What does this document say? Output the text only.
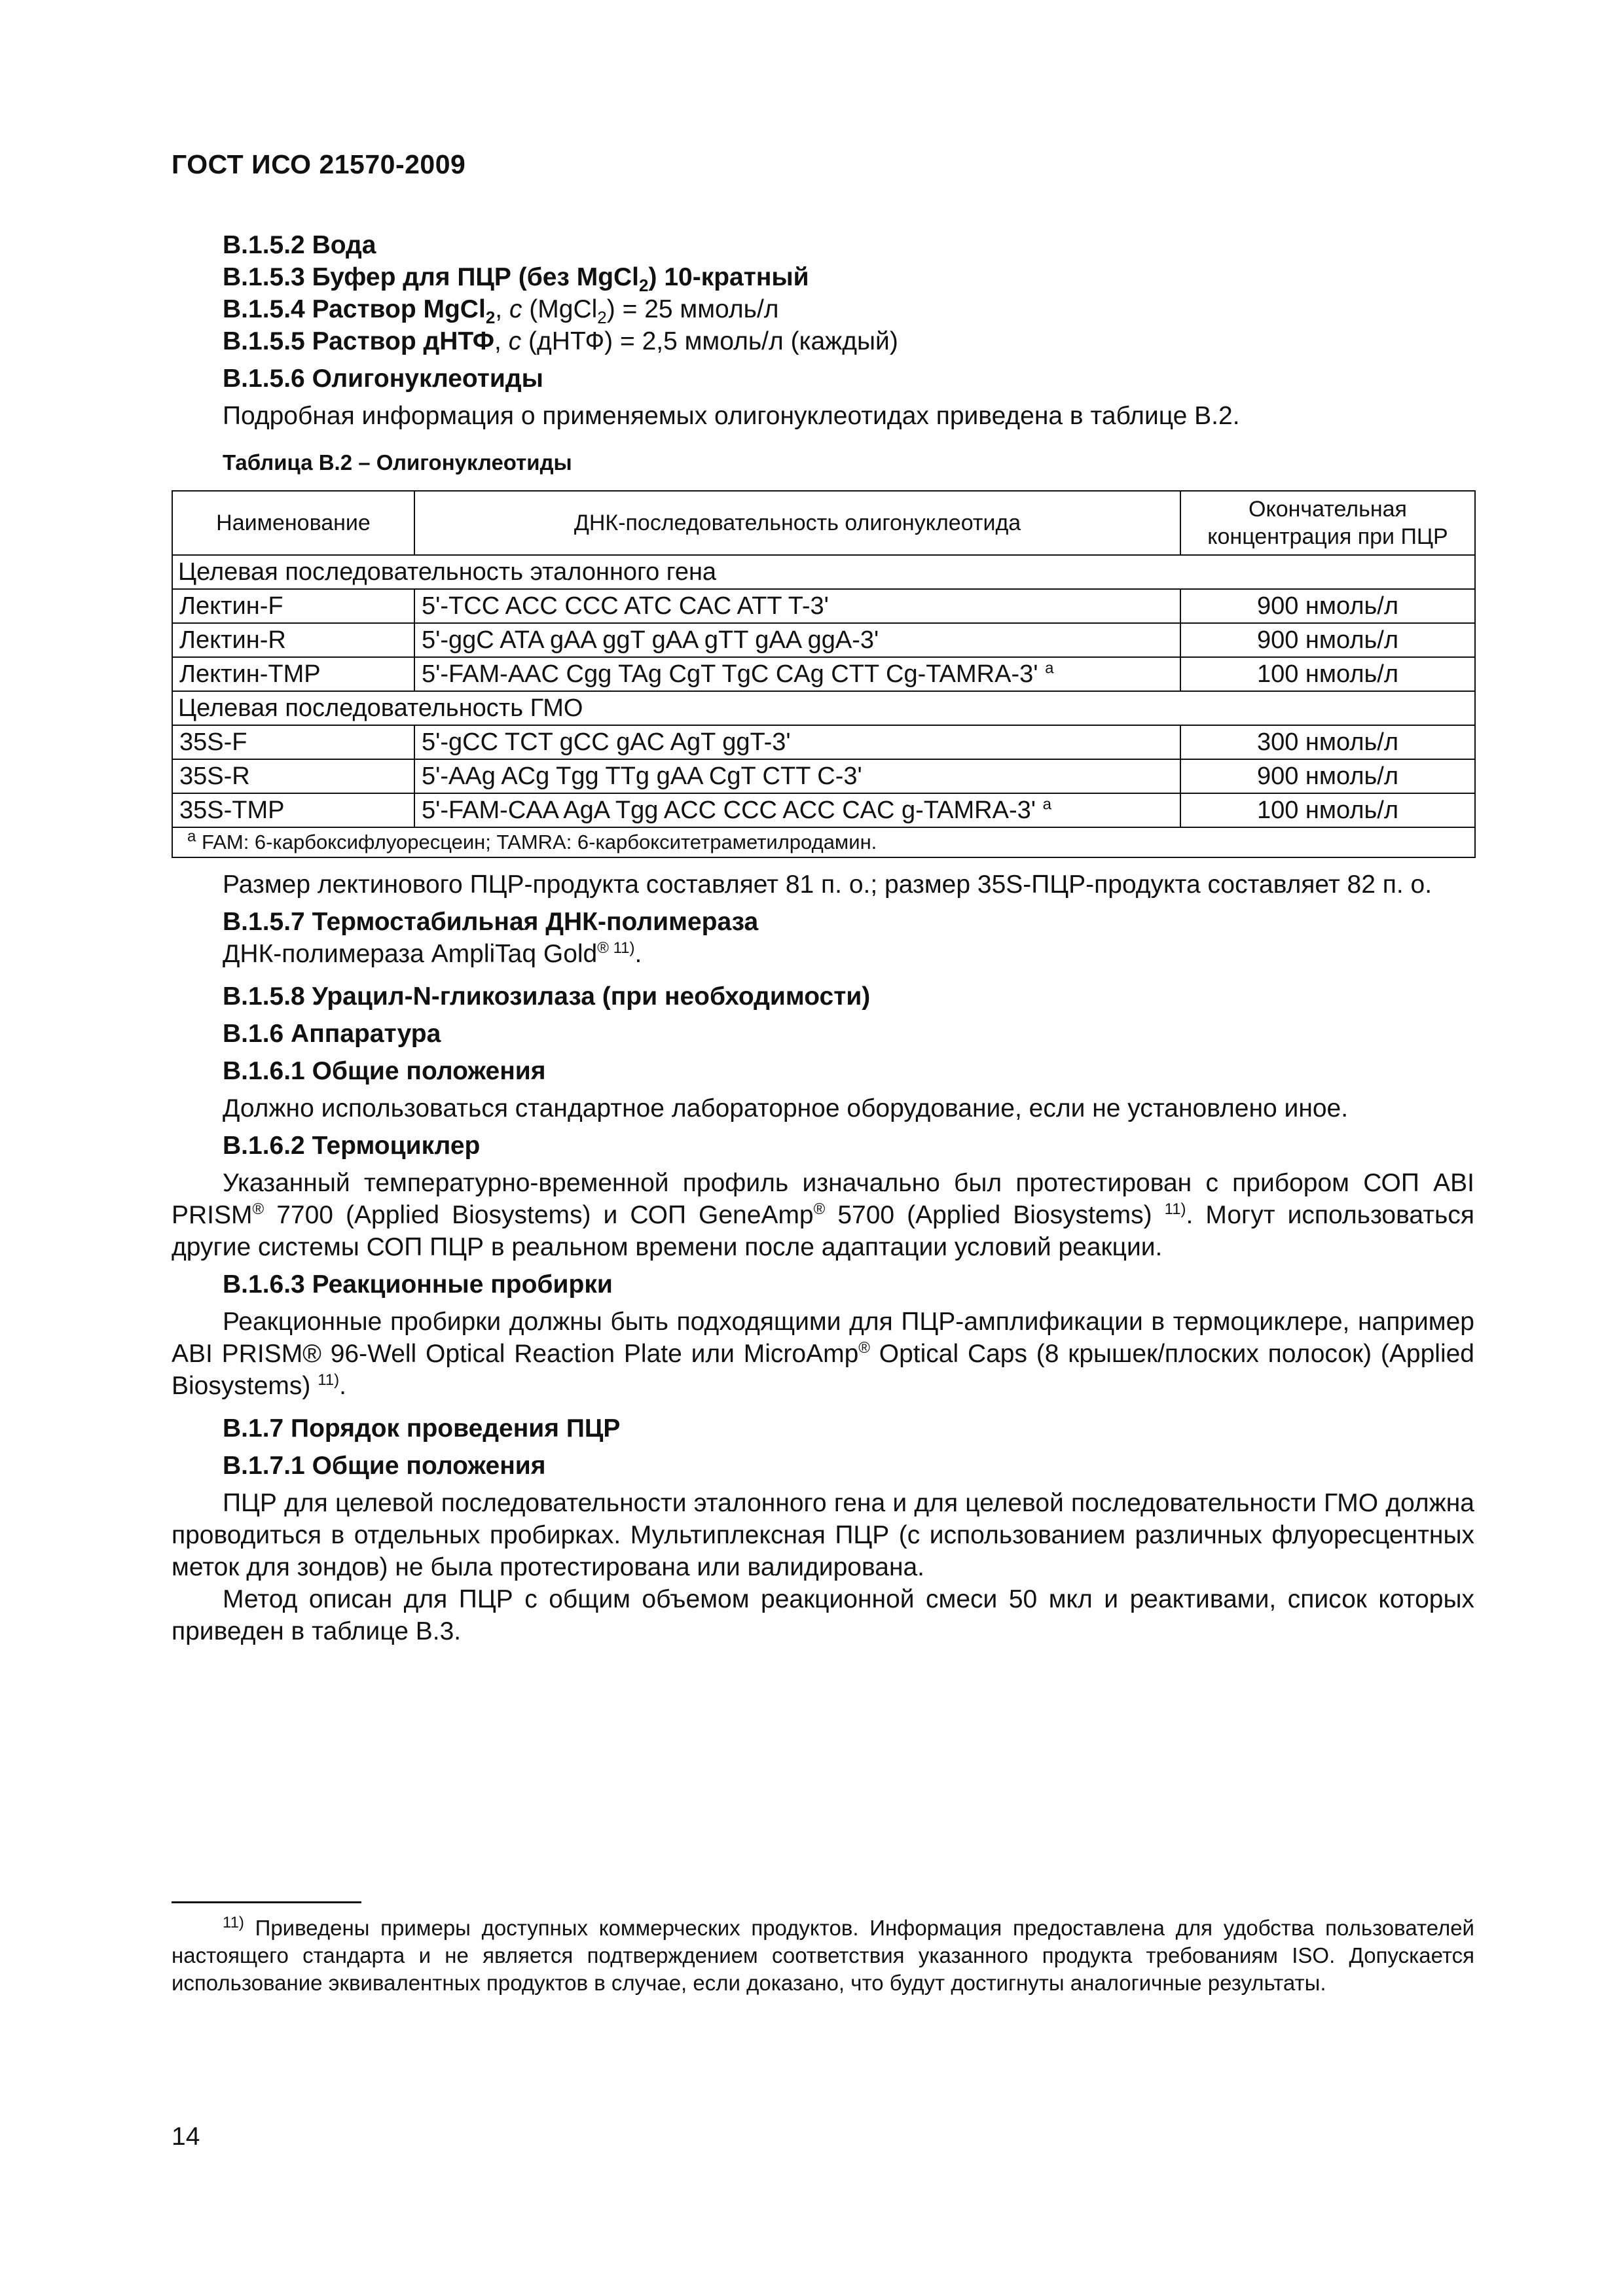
ГОСТ ИСО 21570-2009

В.1.5.2 Вода

В.1.5.3 Буфер для ПЦР (без MgCl$_2$) 10-кратный

В.1.5.4 Раствор MgCl$_2$, c (MgCl$_2$) = 25 ммоль/л

В.1.5.5 Раствор дНТФ, c (дНТФ) = 2,5 ммоль/л (каждый)

В.1.5.6 Олигонуклеотиды

Подробная информация о применяемых олигонуклеотидах приведена в таблице В.2.

Таблица В.2 – Олигонуклеотиды
Наименование	ДНК-последовательность олигонуклеотида	Окончательная концентрация при ПЦР
Целевая последовательность эталонного гена		
Лектин-F	5'-TCC ACC CCC ATC CAC ATT T-3'	900 нмоль/л
Лектин-R	5'-ggC ATA gAA ggT gAA gTT gAA ggA-3'	900 нмоль/л
Лектин-TMP	5'-FAM-AAC Cgg TAg CgT TgC CAg CTT Cg-TAMRA-3' $^a$	100 нмоль/л
Целевая последовательность ГМО		
35S-F	5'-gCC TCT gCC gAC AgT ggT-3'	300 нмоль/л
35S-R	5'-AAg ACg Tgg TTg gAA CgT CTT C-3'	900 нмоль/л
35S-TMP	5'-FAM-CAA AgA Tgg ACC CCC ACC CAC g-TAMRA-3' $^a$	100 нмоль/л
$^a$ FAM: 6-карбоксифлуоресцеин; TAMRA: 6-карбокситетраметилродамин.		

Размер лектинового ПЦР-продукта составляет 81 п. о.; размер 35S-ПЦР-продукта составляет 82 п. о.

В.1.5.7 Термостабильная ДНК-полимераза

ДНК-полимераза AmpliTaq Gold$^{® 11)}$.

В.1.5.8 Урацил-N-гликозилаза (при необходимости)

В.1.6 Аппаратура

В.1.6.1 Общие положения

Должно использоваться стандартное лабораторное оборудование, если не установлено иное.

В.1.6.2 Термоциклер

Указанный температурно-временной профиль изначально был протестирован с прибором СОП ABI PRISM® 7700 (Applied Biosystems) и СОП GeneAmp® 5700 (Applied Biosystems) $^{11)}$. Могут использоваться другие системы СОП ПЦР в реальном времени после адаптации условий реакции.

В.1.6.3 Реакционные пробирки

Реакционные пробирки должны быть подходящими для ПЦР-амплификации в термоциклере, например ABI PRISM® 96-Well Optical Reaction Plate или MicroAmp® Optical Caps (8 крышек/плоских полосок) (Applied Biosystems) $^{11)}$.

В.1.7 Порядок проведения ПЦР

В.1.7.1 Общие положения

ПЦР для целевой последовательности эталонного гена и для целевой последовательности ГМО должна проводиться в отдельных пробирках. Мультиплексная ПЦР (с использованием различных флуоресцентных меток для зондов) не была протестирована или валидирована.

Метод описан для ПЦР с общим объемом реакционной смеси 50 мкл и реактивами, список которых приведен в таблице В.3.

$^{11)}$ Приведены примеры доступных коммерческих продуктов. Информация предоставлена для удобства пользователей настоящего стандарта и не является подтверждением соответствия указанного продукта требованиям ISO. Допускается использование эквивалентных продуктов в случае, если доказано, что будут достигнуты аналогичные результаты.
14
